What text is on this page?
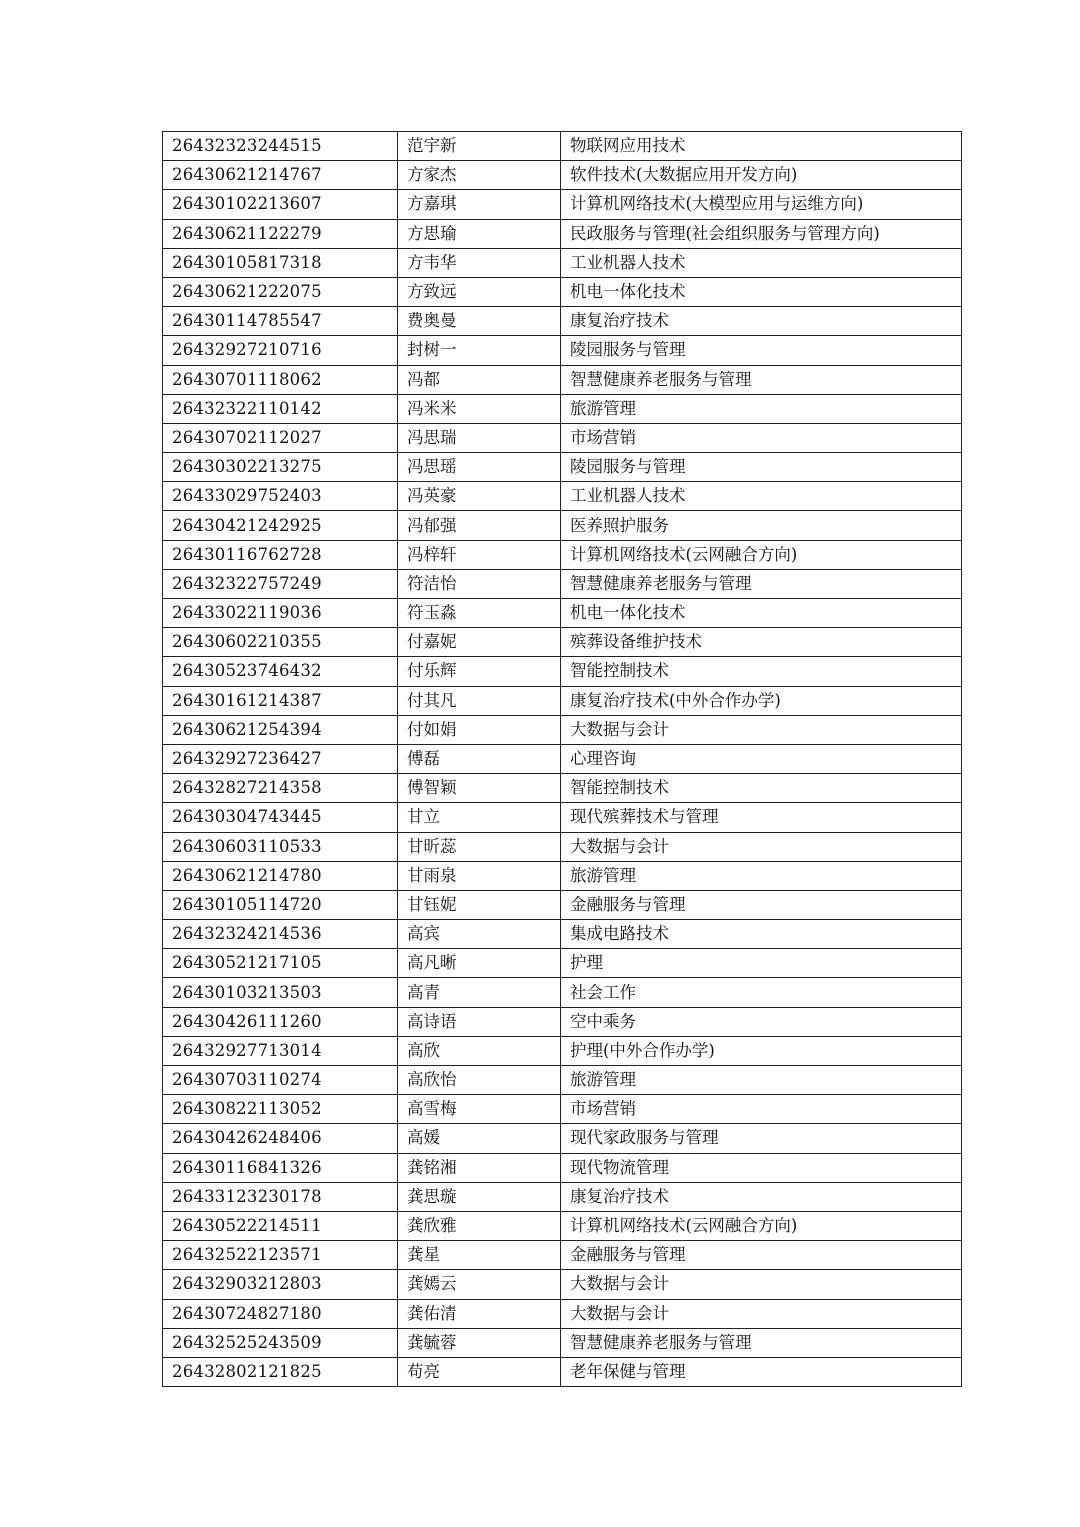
26432323244515	范宇新	物联网应用技术
26430621214767	方家杰	软件技术(大数据应用开发方向)
26430102213607	方嘉琪	计算机网络技术(大模型应用与运维方向)
26430621122279	方思瑜	民政服务与管理(社会组织服务与管理方向)
26430105817318	方韦华	工业机器人技术
26430621222075	方致远	机电一体化技术
26430114785547	费奥曼	康复治疗技术
26432927210716	封树一	陵园服务与管理
26430701118062	冯都	智慧健康养老服务与管理
26432322110142	冯米米	旅游管理
26430702112027	冯思瑞	市场营销
26430302213275	冯思瑶	陵园服务与管理
26433029752403	冯英豪	工业机器人技术
26430421242925	冯郁强	医养照护服务
26430116762728	冯梓轩	计算机网络技术(云网融合方向)
26432322757249	符洁怡	智慧健康养老服务与管理
26433022119036	符玉淼	机电一体化技术
26430602210355	付嘉妮	殡葬设备维护技术
26430523746432	付乐辉	智能控制技术
26430161214387	付其凡	康复治疗技术(中外合作办学)
26430621254394	付如娟	大数据与会计
26432927236427	傅磊	心理咨询
26432827214358	傅智颖	智能控制技术
26430304743445	甘立	现代殡葬技术与管理
26430603110533	甘昕蕊	大数据与会计
26430621214780	甘雨泉	旅游管理
26430105114720	甘钰妮	金融服务与管理
26432324214536	高宾	集成电路技术
26430521217105	高凡晰	护理
26430103213503	高青	社会工作
26430426111260	高诗语	空中乘务
26432927713014	高欣	护理(中外合作办学)
26430703110274	高欣怡	旅游管理
26430822113052	高雪梅	市场营销
26430426248406	高媛	现代家政服务与管理
26430116841326	龚铭湘	现代物流管理
26433123230178	龚思璇	康复治疗技术
26430522214511	龚欣雅	计算机网络技术(云网融合方向)
26432522123571	龚星	金融服务与管理
26432903212803	龚嫣云	大数据与会计
26430724827180	龚佑清	大数据与会计
26432525243509	龚毓蓉	智慧健康养老服务与管理
26432802121825	苟亮	老年保健与管理
